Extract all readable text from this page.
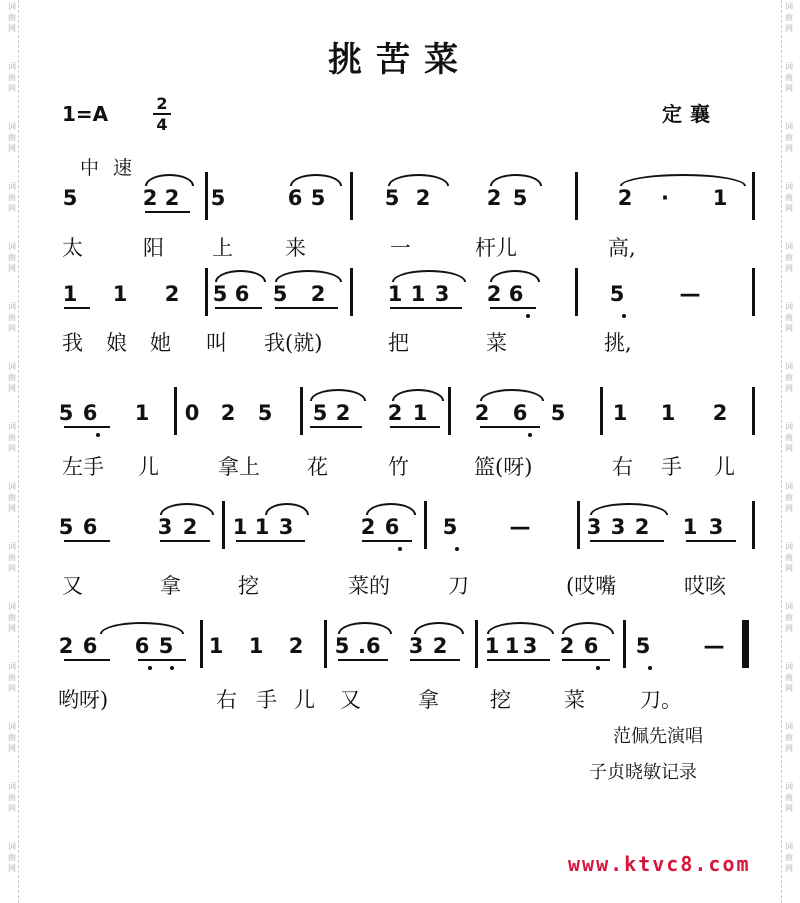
挑苦菜
1=A	2
4	定襄
中速
5	2 2 5	6 5	5 2	2 5	2 · 1
太	阳 上 来	一	杆儿	高,
1 1 2 5 6 5 2	1 1 3 2 6	5	—
我 娘 她 叫 我(就)	把	菜	挑,
5 6 1 0 2 5 5 2 2 1 2 6 5 1 1 2
左手 儿	拿上 花	竹	篮(呀)	右 手 儿
5 6	3 2 1 1 3	2 6 5 —	3 3 2 1 3
又	拿	挖	菜的	刀	(哎嘴	哎咳
2 6 6 5 1 1 2 5 .6 3 2 1 1 3 2 6 5	—
哟呀)	右 手 儿 又	拿 挖	菜	刀。
范佩先演唱
子贞晓敏记录
www.ktvc8.com
词
曲
网
词
曲
网
词
曲
网
词
曲
网
词
曲
网
词
曲
网
词
曲
网
词
曲
网
词
曲
网
词
曲
网
词
曲
网
词
曲
网
词
曲
网
词
曲
网
词
曲
网
词
曲
网
词
曲
网
词
曲
网
词
曲
网
词
曲
网
词
曲
网
词
曲
网
词
曲
网
词
曲
网
词
曲
网
词
曲
网
词
曲
网
词
曲
网
词
曲
网
词
曲
网
